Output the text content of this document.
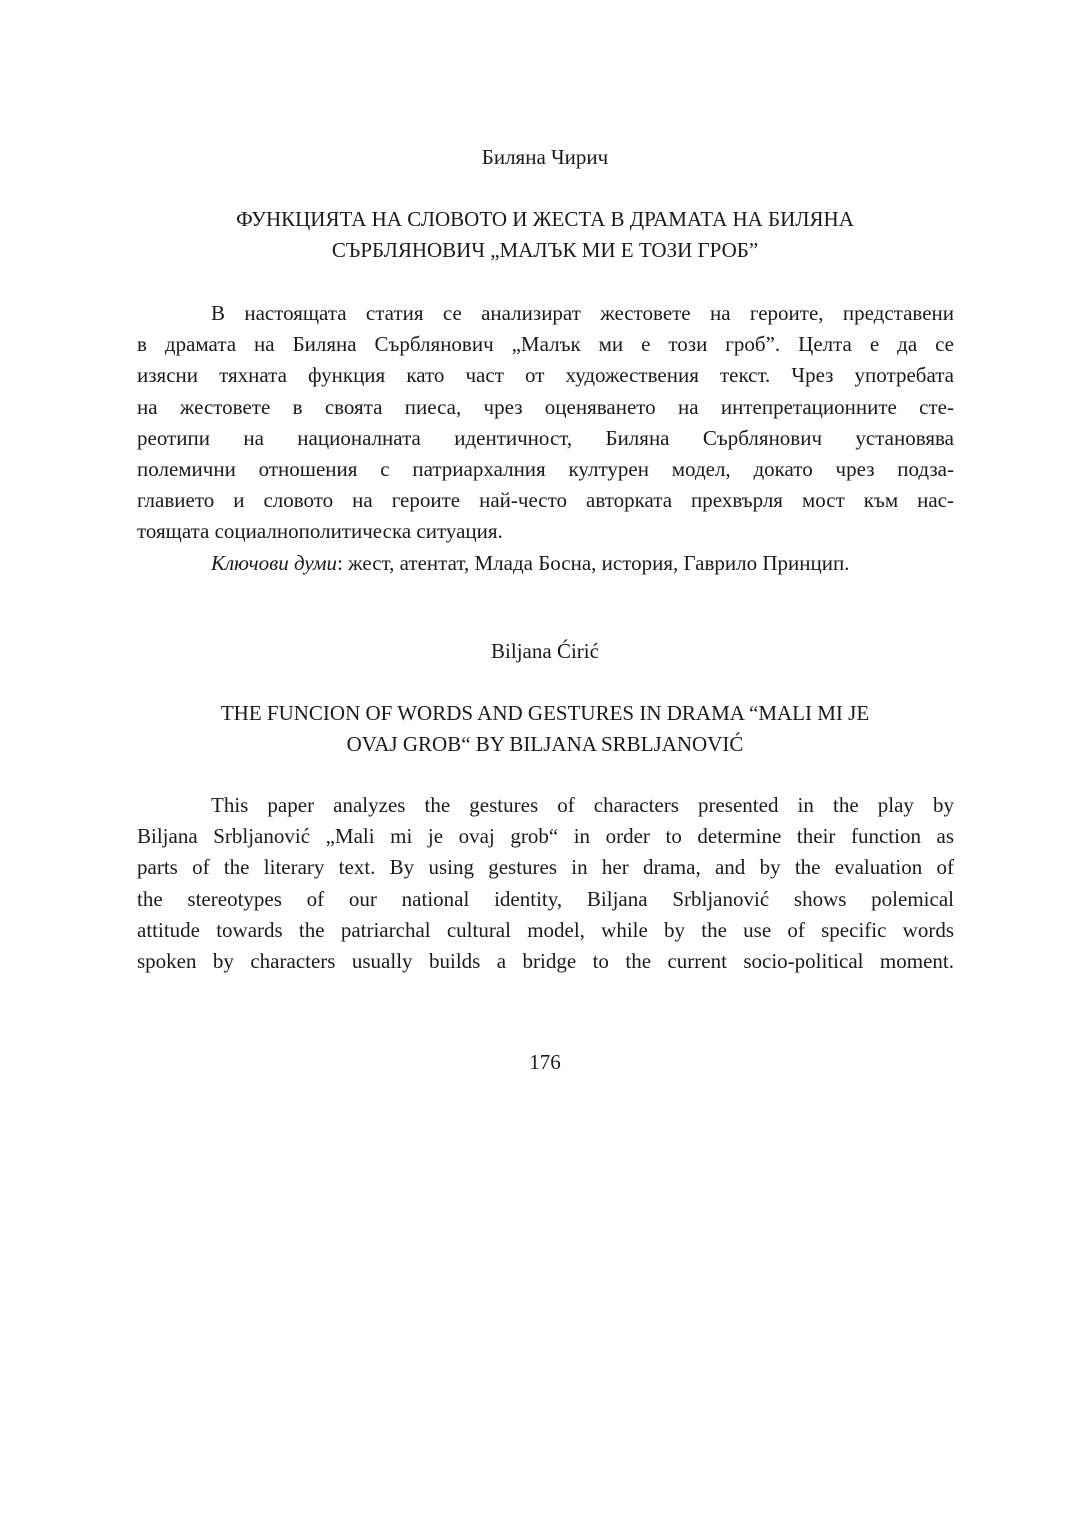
Биляна Чирич
ФУНКЦИЯТА НА СЛОВОТО И ЖЕСТА В ДРАМАТА НА БИЛЯНА
СЪРБЛЯНОВИЧ „МАЛЪК МИ Е ТОЗИ ГРОБ”
В настоящата статия се анализират жестовете на героите, представени
в драмата на Биляна Сърблянович „Малък ми е този гроб”. Целта е да се
изясни тяхната функция като част от художествения текст. Чрез употребата
на жестовете в своята пиеса, чрез оценяването на интепретационните сте-
реотипи на националната идентичност, Биляна Сърблянович установява
полемични отношения с патриархалния културен модел, докато чрез подза-
главието и словото на героите най-често авторката прехвърля мост към нас-
тоящата социалнополитическа ситуация.
Ключови думи: жест, атентат, Млада Босна, история, Гаврило Принцип.
Biljana Ćirić
THE FUNCION OF WORDS AND GESTURES IN DRAMA “MALI MI JE
OVAJ GROB“ BY BILJANA SRBLJANOVIĆ
This paper analyzes the gestures of characters presented in the play by
Biljana Srbljanović „Mali mi je ovaj grob“ in order to determine their function as
parts of the literary text. By using gestures in her drama, and by the evaluation of
the stereotypes of our national identity, Biljana Srbljanović shows polemical
attitude towards the patriarchal cultural model, while by the use of specific words
spoken by characters usually builds a bridge to the current socio-political moment.
176
